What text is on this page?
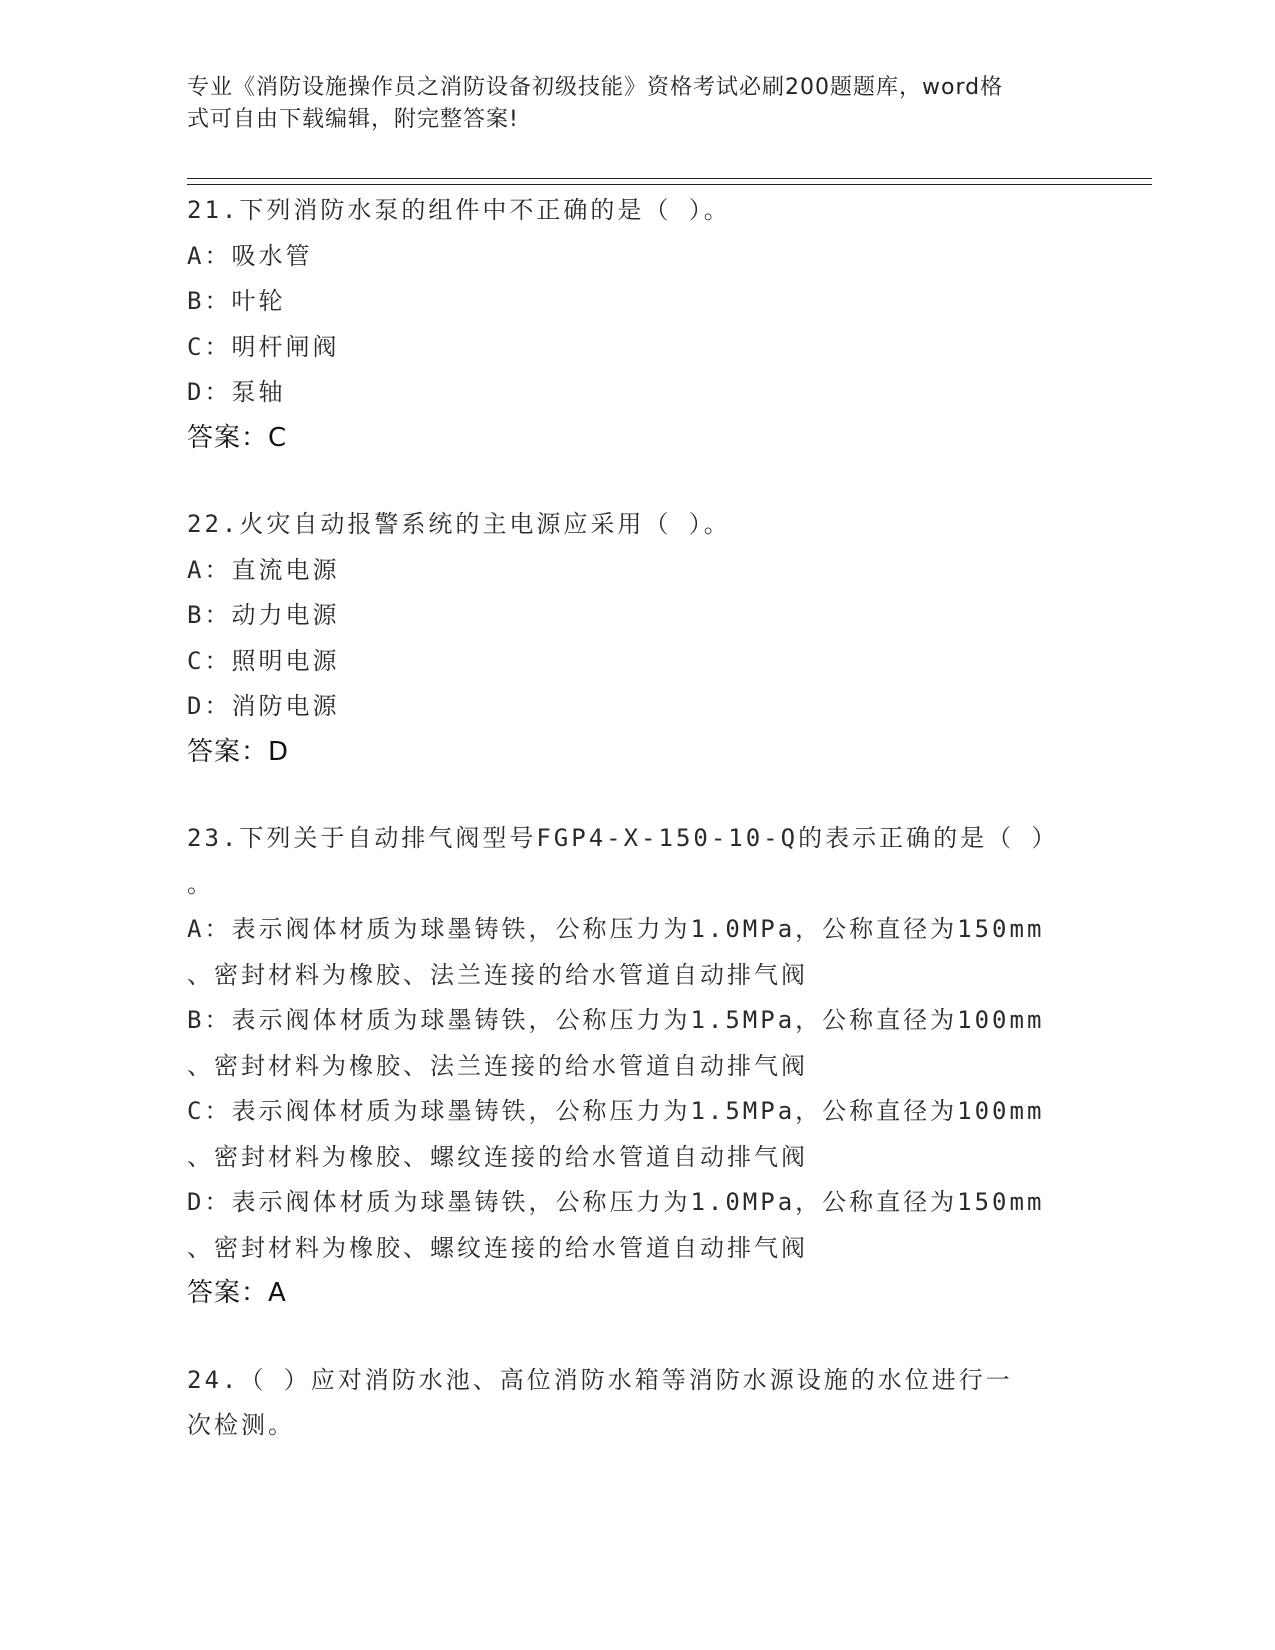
专业《消防设施操作员之消防设备初级技能》资格考试必刷200题题库，word格
式可自由下载编辑，附完整答案!
21.下列消防水泵的组件中不正确的是（ ）。
A：吸水管
B：叶轮
C：明杆闸阀
D：泵轴
答案：C
22.火灾自动报警系统的主电源应采用（ ）。
A：直流电源
B：动力电源
C：照明电源
D：消防电源
答案：D
23.下列关于自动排气阀型号FGP4-X-150-10-Q的表示正确的是（ ）
。
A：表示阀体材质为球墨铸铁，公称压力为1.0MPa，公称直径为150mm
、密封材料为橡胶、法兰连接的给水管道自动排气阀
B：表示阀体材质为球墨铸铁，公称压力为1.5MPa，公称直径为100mm
、密封材料为橡胶、法兰连接的给水管道自动排气阀
C：表示阀体材质为球墨铸铁，公称压力为1.5MPa，公称直径为100mm
、密封材料为橡胶、螺纹连接的给水管道自动排气阀
D：表示阀体材质为球墨铸铁，公称压力为1.0MPa，公称直径为150mm
、密封材料为橡胶、螺纹连接的给水管道自动排气阀
答案：A
24.（ ）应对消防水池、高位消防水箱等消防水源设施的水位进行一
次检测。
